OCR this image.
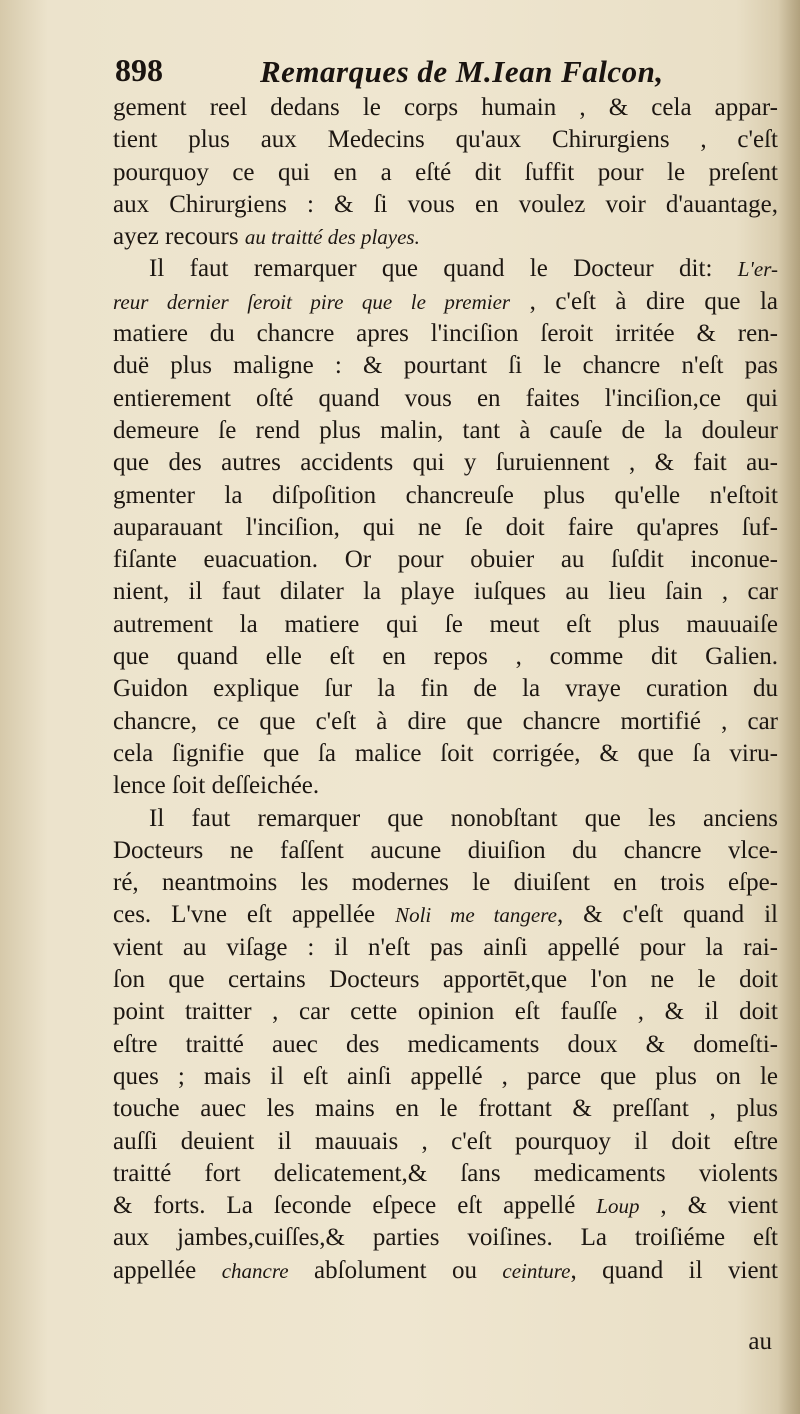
898	Remarques de M.Iean Falcon,
gement reel dedans le corps humain , & cela appar-
tient plus aux Medecins qu'aux Chirurgiens , c'eſt
pourquoy ce qui en a eſté dit ſuffit pour le preſent
aux Chirurgiens : & ſi vous en voulez voir d'auantage,
ayez recours au traitté des playes.
Il faut remarquer que quand le Docteur dit: L'er-
reur dernier ſeroit pire que le premier , c'eſt à dire que la
matiere du chancre apres l'inciſion ſeroit irritée & ren-
duë plus maligne : & pourtant ſi le chancre n'eſt pas
entierement oſté quand vous en faites l'inciſion,ce qui
demeure ſe rend plus malin, tant à cauſe de la douleur
que des autres accidents qui y ſuruiennent , & fait au-
gmenter la diſpoſition chancreuſe plus qu'elle n'eſtoit
auparauant l'inciſion, qui ne ſe doit faire qu'apres ſuf-
fiſante euacuation. Or pour obuier au ſuſdit inconue-
nient, il faut dilater la playe iuſques au lieu ſain , car
autrement la matiere qui ſe meut eſt plus mauuaiſe
que quand elle eſt en repos , comme dit Galien.
Guidon explique ſur la fin de la vraye curation du
chancre, ce que c'eſt à dire que chancre mortifié , car
cela ſignifie que ſa malice ſoit corrigée, & que ſa viru-
lence ſoit deſſeichée.
Il faut remarquer que nonobſtant que les anciens
Docteurs ne faſſent aucune diuiſion du chancre vlce-
ré, neantmoins les modernes le diuiſent en trois eſpe-
ces. L'vne eſt appellée Noli me tangere, & c'eſt quand il
vient au viſage : il n'eſt pas ainſi appellé pour la rai-
ſon que certains Docteurs apportēt,que l'on ne le doit
point traitter , car cette opinion eſt fauſſe , & il doit
eſtre traitté auec des medicaments doux & domeſti-
ques ; mais il eſt ainſi appellé , parce que plus on le
touche auec les mains en le frottant & preſſant , plus
auſſi deuient il mauuais , c'eſt pourquoy il doit eſtre
traitté fort delicatement,& ſans medicaments violents
& forts. La ſeconde eſpece eſt appellé Loup , & vient
aux jambes,cuiſſes,& parties voiſines. La troiſiéme eſt
appellée chancre abſolument ou ceinture, quand il vient
au
